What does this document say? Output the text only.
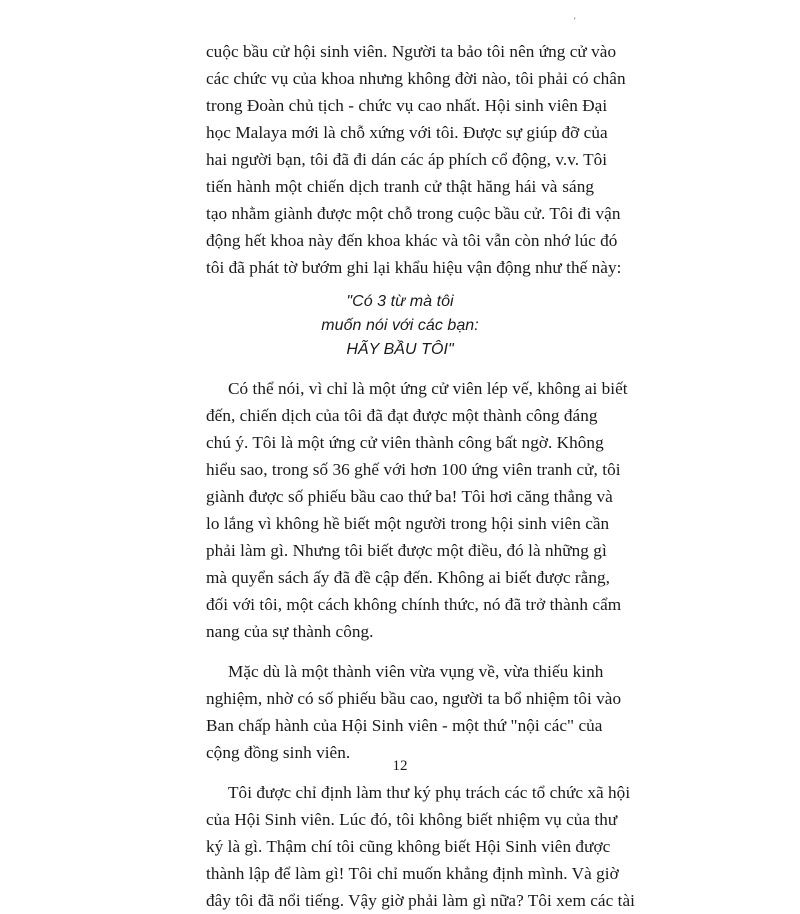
'

cuộc bầu cử hội sinh viên. Người ta bảo tôi nên ứng cử vào
các chức vụ của khoa nhưng không đời nào, tôi phải có chân
trong Đoàn chủ tịch - chức vụ cao nhất. Hội sinh viên Đại
học Malaya mới là chỗ xứng với tôi. Được sự giúp đỡ của
hai người bạn, tôi đã đi dán các áp phích cổ động, v.v. Tôi
tiến hành một chiến dịch tranh cử thật hăng hái và sáng
tạo nhằm giành được một chỗ trong cuộc bầu cử. Tôi đi vận
động hết khoa này đến khoa khác và tôi vẫn còn nhớ lúc đó
tôi đã phát tờ bướm ghi lại khẩu hiệu vận động như thế này:

"Có 3 từ mà tôi
muốn nói với các bạn:
HÃY BẦU TÔI"

Có thể nói, vì chỉ là một ứng cử viên lép vế, không ai biết
đến, chiến dịch của tôi đã đạt được một thành công đáng
chú ý. Tôi là một ứng cử viên thành công bất ngờ. Không
hiểu sao, trong số 36 ghế với hơn 100 ứng viên tranh cử, tôi
giành được số phiếu bầu cao thứ ba! Tôi hơi căng thẳng và
lo lắng vì không hề biết một người trong hội sinh viên cần
phải làm gì. Nhưng tôi biết được một điều, đó là những gì
mà quyển sách ấy đã đề cập đến. Không ai biết được rằng,
đối với tôi, một cách không chính thức, nó đã trở thành cẩm
nang của sự thành công.

Mặc dù là một thành viên vừa vụng về, vừa thiếu kinh
nghiệm, nhờ có số phiếu bầu cao, người ta bổ nhiệm tôi vào
Ban chấp hành của Hội Sinh viên - một thứ "nội các" của
cộng đồng sinh viên.

Tôi được chỉ định làm thư ký phụ trách các tổ chức xã hội
của Hội Sinh viên. Lúc đó, tôi không biết nhiệm vụ của thư
ký là gì. Thậm chí tôi cũng không biết Hội Sinh viên được
thành lập để làm gì! Tôi chỉ muốn khẳng định mình. Và giờ
đây tôi đã nổi tiếng. Vậy giờ phải làm gì nữa? Tôi xem các tài

12
